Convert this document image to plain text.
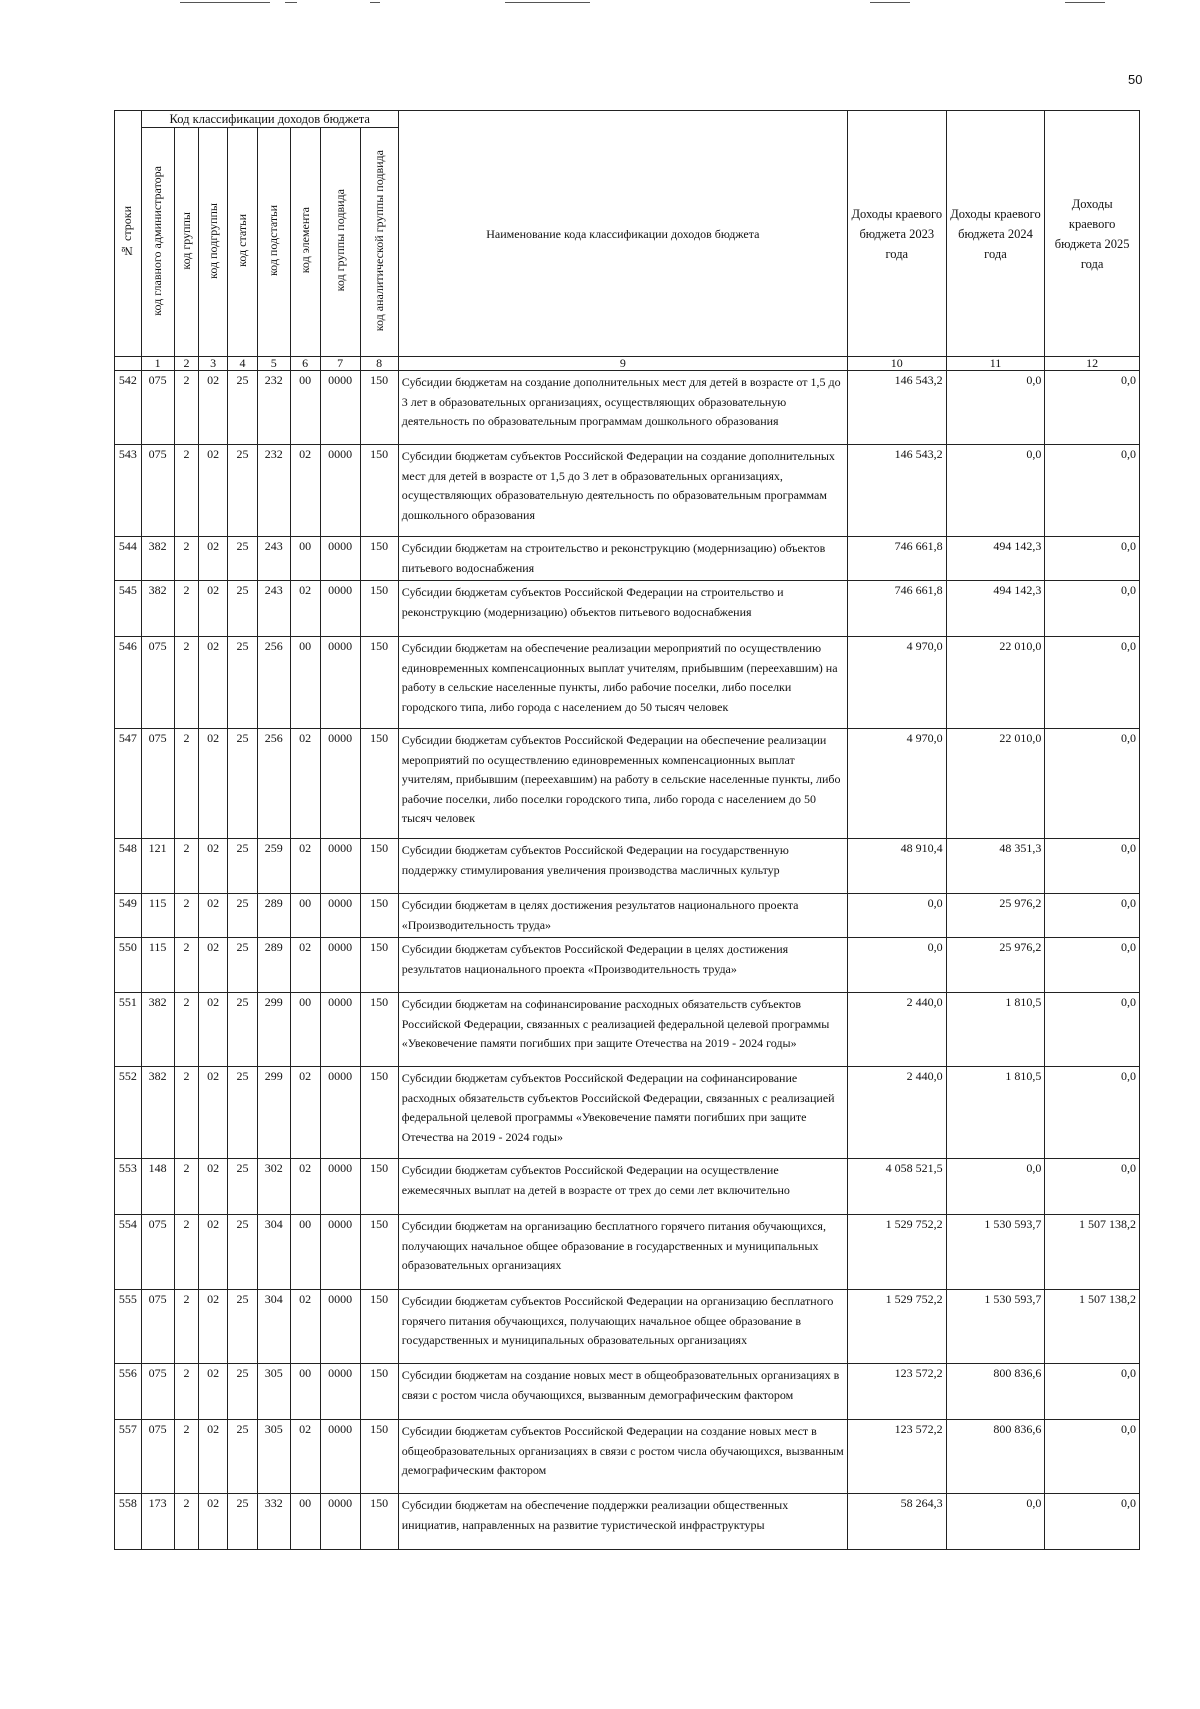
50
№ строки	Код классификации доходов бюджета								Наименование кода классификации доходов бюджета	Доходы краевого бюджета 2023 года	Доходы краевого бюджета 2024 года	Доходы краевого бюджета 2025 года
	код главного администратора	код группы	код подгруппы	код статьи	код подстатьи	код элемента	код группы подвида	код аналитической группы подвида				
	1	2	3	4	5	6	7	8	9	10	11	12
542	075	2	02	25	232	00	0000	150	Субсидии бюджетам на создание дополнительных мест для детей в возрасте от 1,5 до 3 лет в образовательных организациях, осуществляющих образовательную деятельность по образовательным программам дошкольного образования	146 543,2	0,0	0,0
543	075	2	02	25	232	02	0000	150	Субсидии бюджетам субъектов Российской Федерации на создание дополнительных мест для детей в возрасте от 1,5 до 3 лет в образовательных организациях, осуществляющих образовательную деятельность по образовательным программам дошкольного образования	146 543,2	0,0	0,0
544	382	2	02	25	243	00	0000	150	Субсидии бюджетам на строительство и реконструкцию (модернизацию) объектов питьевого водоснабжения	746 661,8	494 142,3	0,0
545	382	2	02	25	243	02	0000	150	Субсидии бюджетам субъектов Российской Федерации на строительство и реконструкцию (модернизацию) объектов питьевого водоснабжения	746 661,8	494 142,3	0,0
546	075	2	02	25	256	00	0000	150	Субсидии бюджетам на обеспечение реализации мероприятий по осуществлению единовременных компенсационных выплат учителям, прибывшим (переехавшим) на работу в сельские населенные пункты, либо рабочие поселки, либо поселки городского типа, либо города с населением до 50 тысяч человек	4 970,0	22 010,0	0,0
547	075	2	02	25	256	02	0000	150	Субсидии бюджетам субъектов Российской Федерации на обеспечение реализации мероприятий по осуществлению единовременных компенсационных выплат учителям, прибывшим (переехавшим) на работу в сельские населенные пункты, либо рабочие поселки, либо поселки городского типа, либо города с населением до 50 тысяч человек	4 970,0	22 010,0	0,0
548	121	2	02	25	259	02	0000	150	Субсидии бюджетам субъектов Российской Федерации на государственную поддержку стимулирования увеличения производства масличных культур	48 910,4	48 351,3	0,0
549	115	2	02	25	289	00	0000	150	Субсидии бюджетам в целях достижения результатов национального проекта «Производительность труда»	0,0	25 976,2	0,0
550	115	2	02	25	289	02	0000	150	Субсидии бюджетам субъектов Российской Федерации в целях достижения результатов национального проекта «Производительность труда»	0,0	25 976,2	0,0
551	382	2	02	25	299	00	0000	150	Субсидии бюджетам на софинансирование расходных обязательств субъектов Российской Федерации, связанных с реализацией федеральной целевой программы «Увековечение памяти погибших при защите Отечества на 2019 - 2024 годы»	2 440,0	1 810,5	0,0
552	382	2	02	25	299	02	0000	150	Субсидии бюджетам субъектов Российской Федерации на софинансирование расходных обязательств субъектов Российской Федерации, связанных с реализацией федеральной целевой программы «Увековечение памяти погибших при защите Отечества на 2019 - 2024 годы»	2 440,0	1 810,5	0,0
553	148	2	02	25	302	02	0000	150	Субсидии бюджетам субъектов Российской Федерации на осуществление ежемесячных выплат на детей в возрасте от трех до семи лет включительно	4 058 521,5	0,0	0,0
554	075	2	02	25	304	00	0000	150	Субсидии бюджетам на организацию бесплатного горячего питания обучающихся, получающих начальное общее образование в государственных и муниципальных образовательных организациях	1 529 752,2	1 530 593,7	1 507 138,2
555	075	2	02	25	304	02	0000	150	Субсидии бюджетам субъектов Российской Федерации на организацию бесплатного горячего питания обучающихся, получающих начальное общее образование в государственных и муниципальных образовательных организациях	1 529 752,2	1 530 593,7	1 507 138,2
556	075	2	02	25	305	00	0000	150	Субсидии бюджетам на создание новых мест в общеобразовательных организациях в связи с ростом числа обучающихся, вызванным демографическим фактором	123 572,2	800 836,6	0,0
557	075	2	02	25	305	02	0000	150	Субсидии бюджетам субъектов Российской Федерации на создание новых мест в общеобразовательных организациях в связи с ростом числа обучающихся, вызванным демографическим фактором	123 572,2	800 836,6	0,0
558	173	2	02	25	332	00	0000	150	Субсидии бюджетам на обеспечение поддержки реализации общественных инициатив, направленных на развитие туристической инфраструктуры	58 264,3	0,0	0,0
